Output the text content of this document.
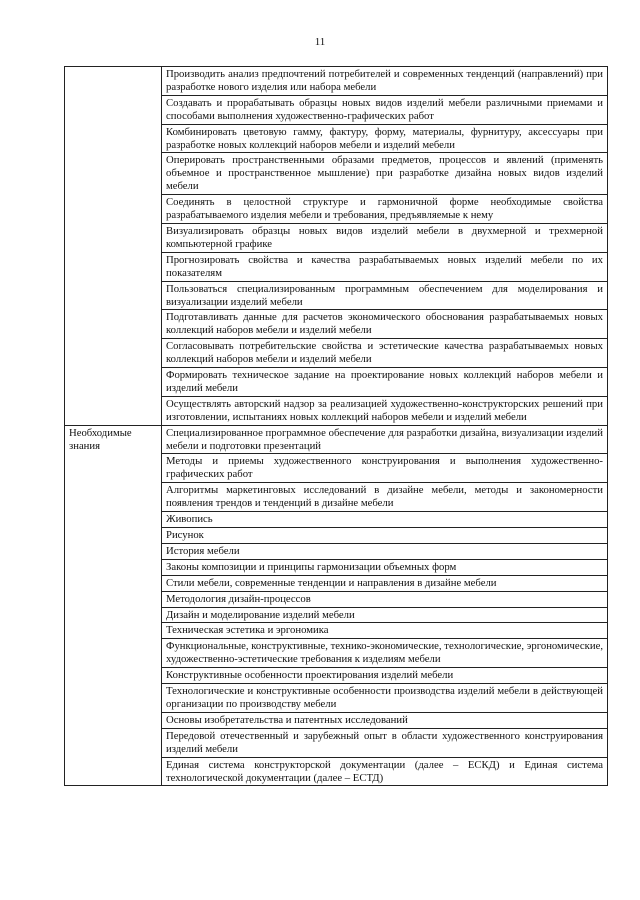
11
	Производить анализ предпочтений потребителей и современных тенденций (направлений) при разработке нового изделия или набора мебели
	Создавать и прорабатывать образцы новых видов изделий мебели различными приемами и способами выполнения художественно-графических работ
	Комбинировать цветовую гамму, фактуру, форму, материалы, фурнитуру, аксессуары при разработке новых коллекций наборов мебели и изделий мебели
	Оперировать пространственными образами предметов, процессов и явлений (применять объемное и пространственное мышление) при разработке дизайна новых видов изделий мебели
	Соединять в целостной структуре и гармоничной форме необходимые свойства разрабатываемого изделия мебели и требования, предъявляемые к нему
	Визуализировать образцы новых видов изделий мебели в двухмерной и трехмерной компьютерной графике
	Прогнозировать свойства и качества разрабатываемых новых изделий мебели по их показателям
	Пользоваться специализированным программным обеспечением для моделирования и визуализации изделий мебели
	Подготавливать данные для расчетов экономического обоснования разрабатываемых новых коллекций наборов мебели и изделий мебели
	Согласовывать потребительские свойства и эстетические качества разрабатываемых новых коллекций наборов мебели и изделий мебели
	Формировать техническое задание на проектирование новых коллекций наборов мебели и изделий мебели
	Осуществлять авторский надзор за реализацией художественно-конструкторских решений при изготовлении, испытаниях новых коллекций наборов мебели и изделий мебели
Необходимые знания	Специализированное программное обеспечение для разработки дизайна, визуализации изделий мебели и подготовки презентаций
	Методы и приемы художественного конструирования и выполнения художественно-графических работ
	Алгоритмы маркетинговых исследований в дизайне мебели, методы и закономерности появления трендов и тенденций в дизайне мебели
	Живопись
	Рисунок
	История мебели
	Законы композиции и принципы гармонизации объемных форм
	Стили мебели, современные тенденции и направления в дизайне мебели
	Методология дизайн-процессов
	Дизайн и моделирование изделий мебели
	Техническая эстетика и эргономика
	Функциональные, конструктивные, технико-экономические, технологические, эргономические, художественно-эстетические требования к изделиям мебели
	Конструктивные особенности проектирования изделий мебели
	Технологические и конструктивные особенности производства изделий мебели в действующей организации по производству мебели
	Основы изобретательства и патентных исследований
	Передовой отечественный и зарубежный опыт в области художественного конструирования изделий мебели
	Единая система конструкторской документации (далее – ЕСКД) и Единая система технологической документации (далее – ЕСТД)
